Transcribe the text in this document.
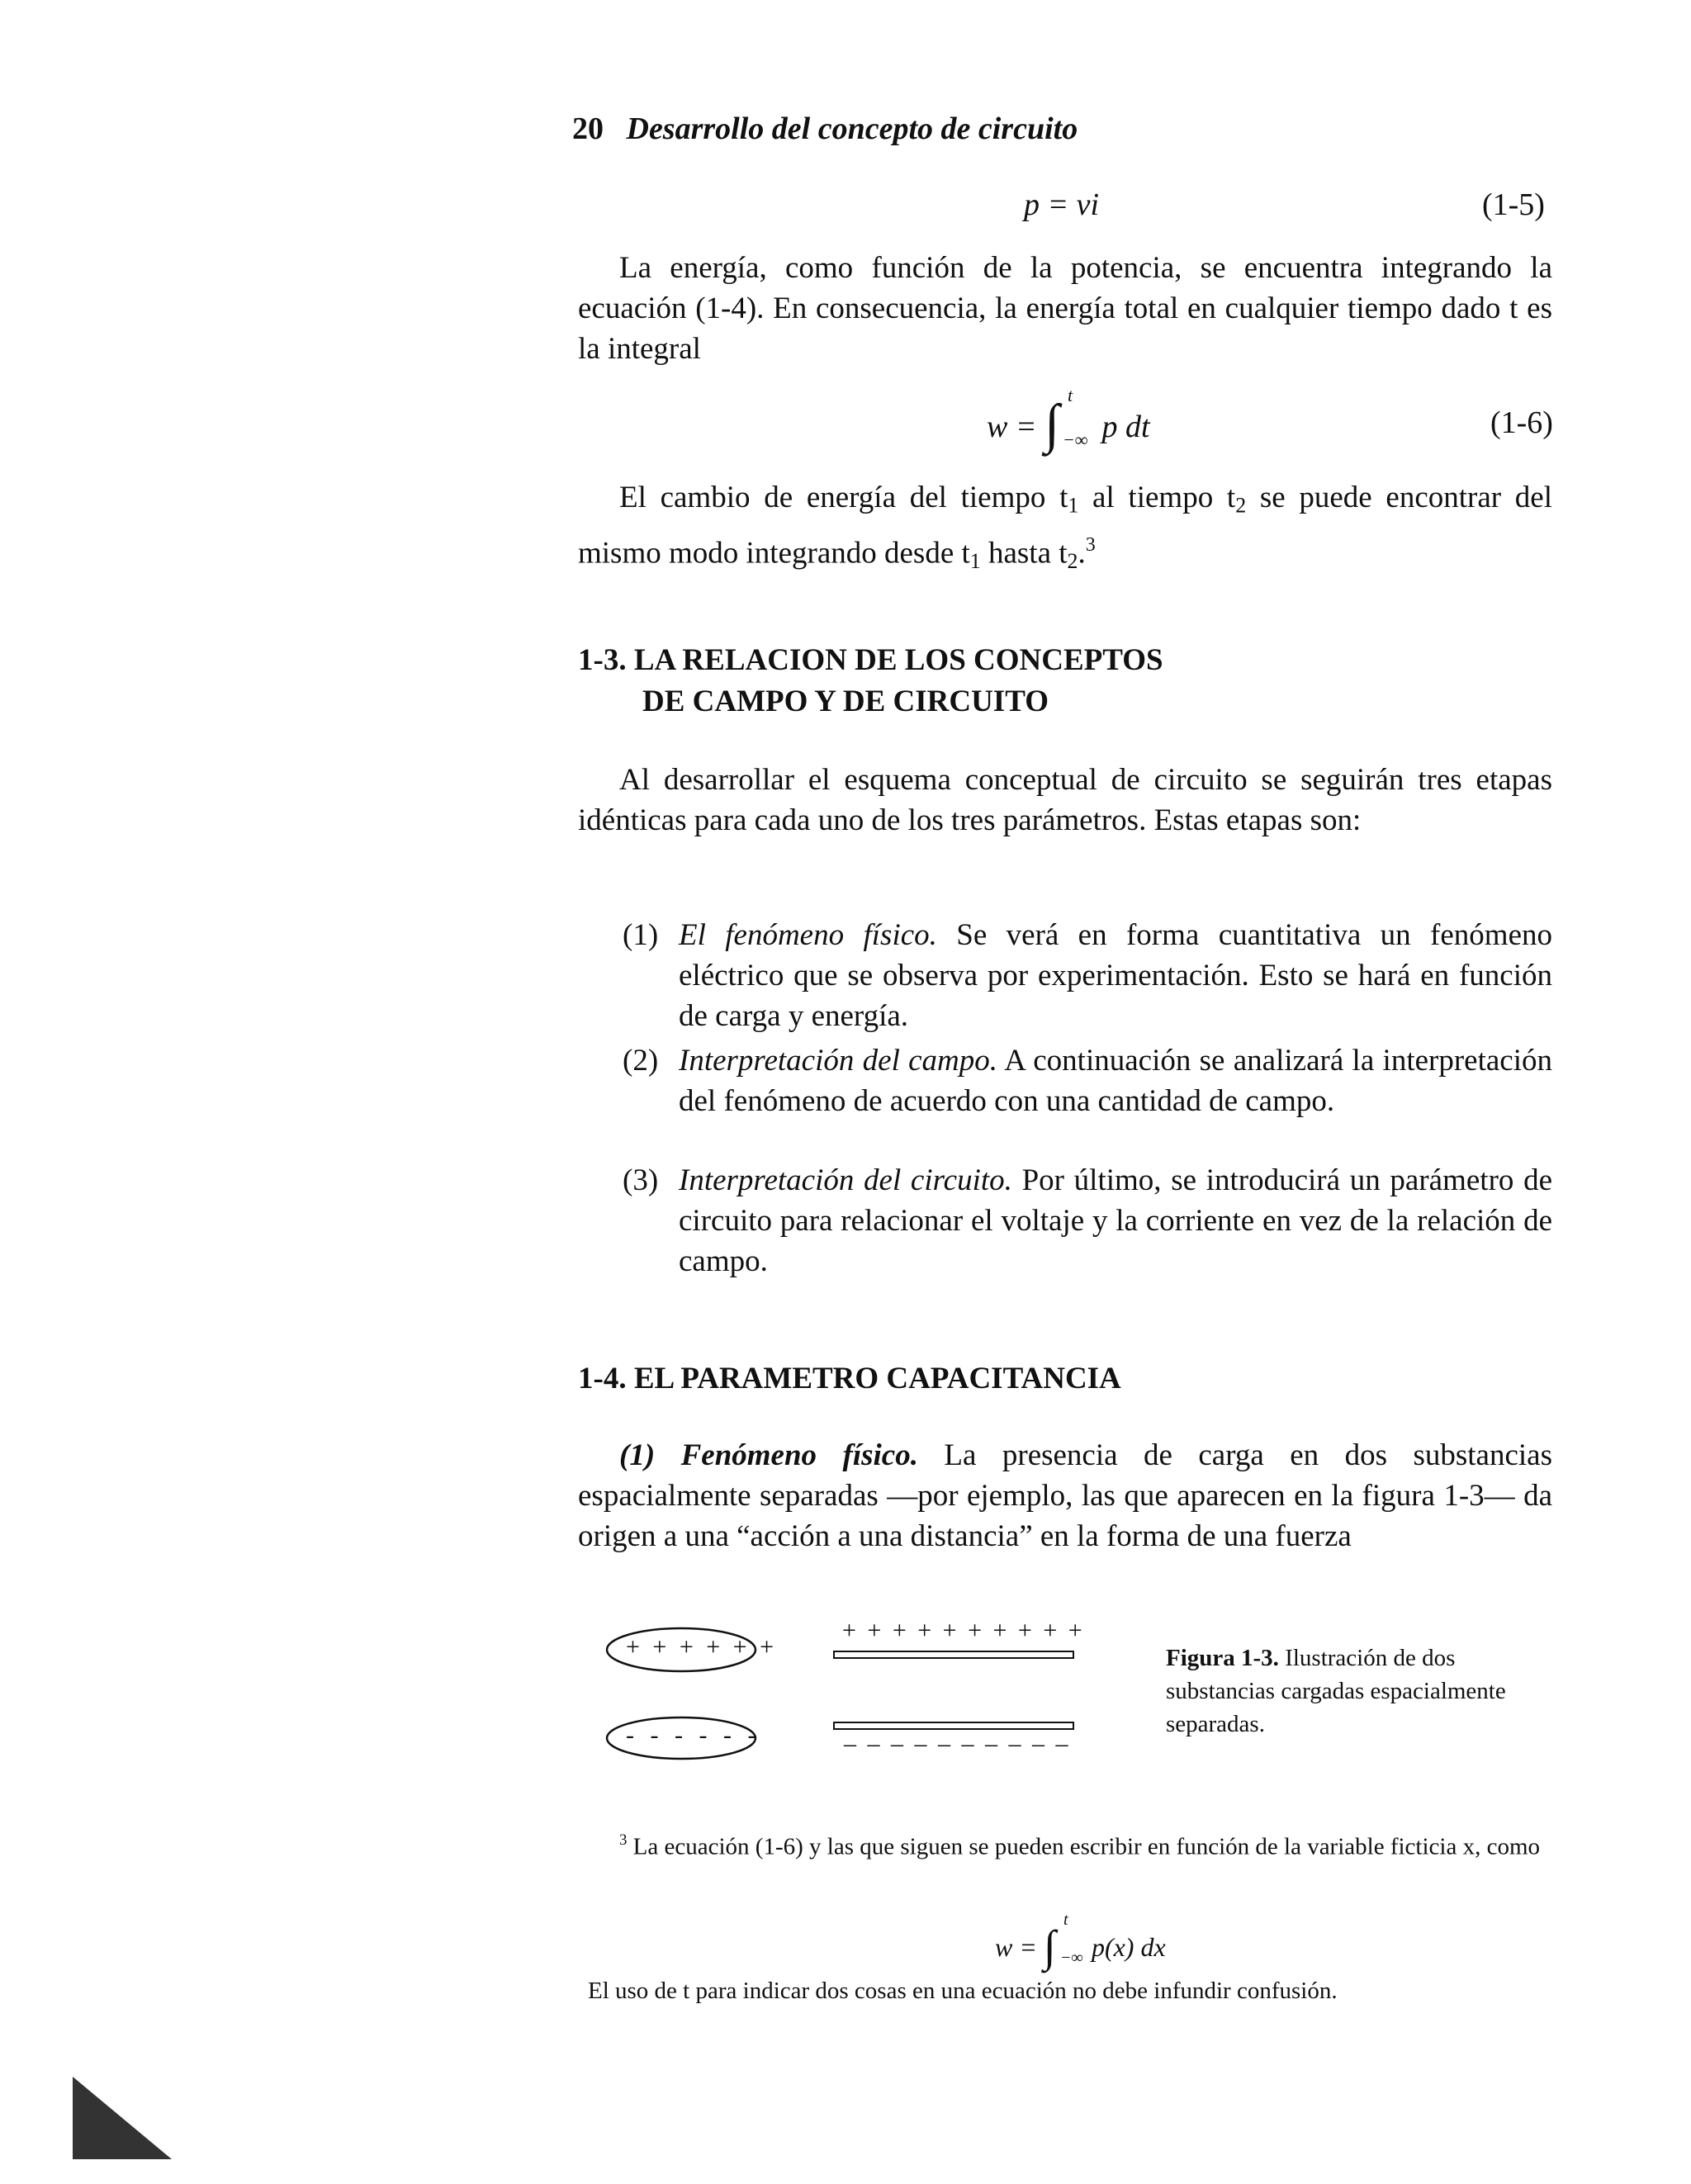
20 Desarrollo del concepto de circuito
p = vi	(1-5)
La energía, como función de la potencia, se encuentra integrando la ecuación (1-4). En consecuencia, la energía total en cualquier tiempo dado t es la integral
w = ∫ t
−∞ p dt	(1-6)
El cambio de energía del tiempo $t_1$ al tiempo $t_2$ se puede encontrar del mismo modo integrando desde $t_1$ hasta $t_2.^3$
1-3. LA RELACION DE LOS CONCEPTOS
DE CAMPO Y DE CIRCUITO
Al desarrollar el esquema conceptual de circuito se seguirán tres etapas idénticas para cada uno de los tres parámetros. Estas etapas son:
(1) El fenómeno físico. Se verá en forma cuantitativa un fenómeno eléctrico que se observa por experimentación. Esto se hará en función de carga y energía.
(2) Interpretación del campo. A continuación se analizará la interpretación del fenómeno de acuerdo con una cantidad de campo.
(3) Interpretación del circuito. Por último, se introducirá un parámetro de circuito para relacionar el voltaje y la corriente en vez de la relación de campo.
1-4. EL PARAMETRO CAPACITANCIA
(1) Fenómeno físico. La presencia de carga en dos substancias espacialmente separadas —por ejemplo, las que aparecen en la figura 1-3— da origen a una “acción a una distancia” en la forma de una fuerza
+ + + + + +
- - - - - -
+ + + + + + + + + +
– – – – – – – – – –
Figura 1-3. Ilustración de dos substancias cargadas espacialmente separadas.
$^3$ La ecuación (1-6) y las que siguen se pueden escribir en función de la variable ficticia x, como
w = ∫
t
−∞ p(x) dx
El uso de t para indicar dos cosas en una ecuación no debe infundir confusión.
